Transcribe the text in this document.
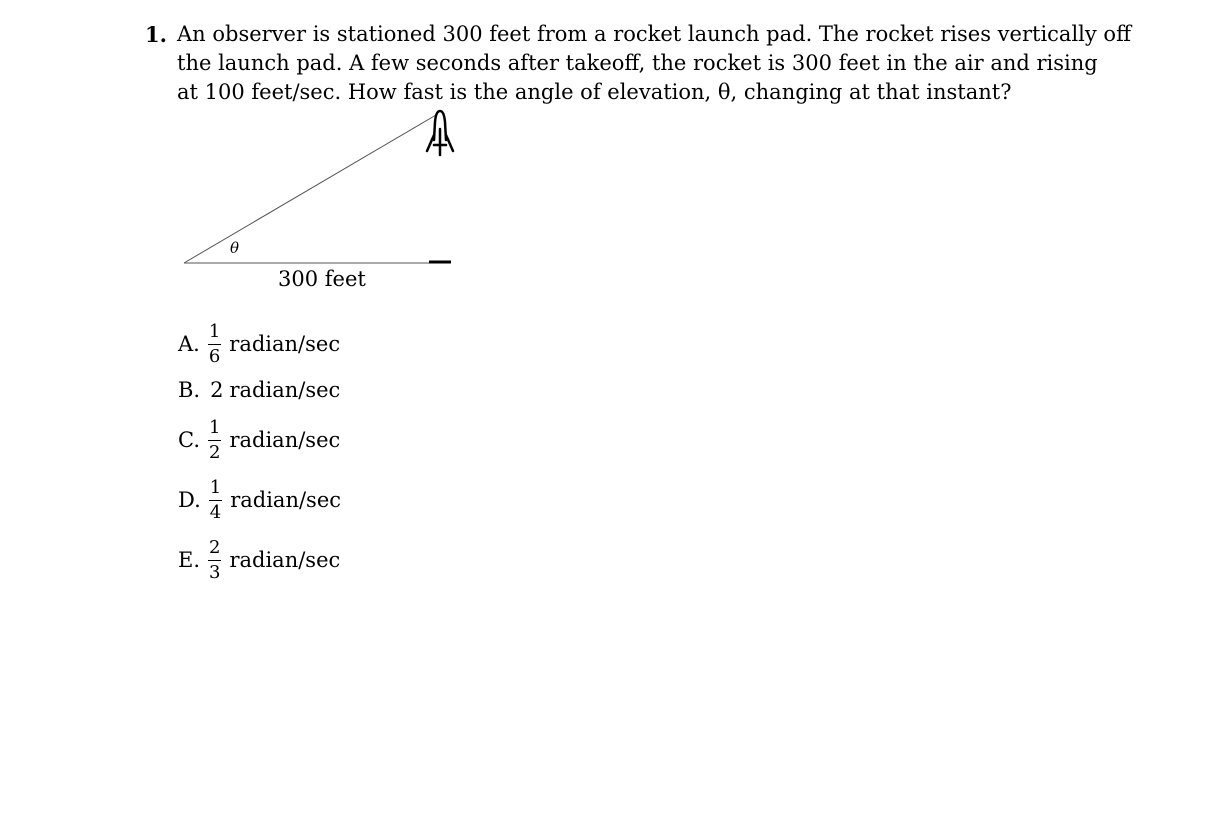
1. An observer is stationed 300 feet from a rocket launch pad. The rocket rises vertically off
the launch pad. A few seconds after takeoff, the rocket is 300 feet in the air and rising
at 100 feet/sec. How fast is the angle of elevation, θ, changing at that instant?
θ
300 feet
A. $\frac{1}{6}$ radian/sec
B. 2 radian/sec
C. $\frac{1}{2}$ radian/sec
D. $\frac{1}{4}$ radian/sec
E. $\frac{2}{3}$ radian/sec
